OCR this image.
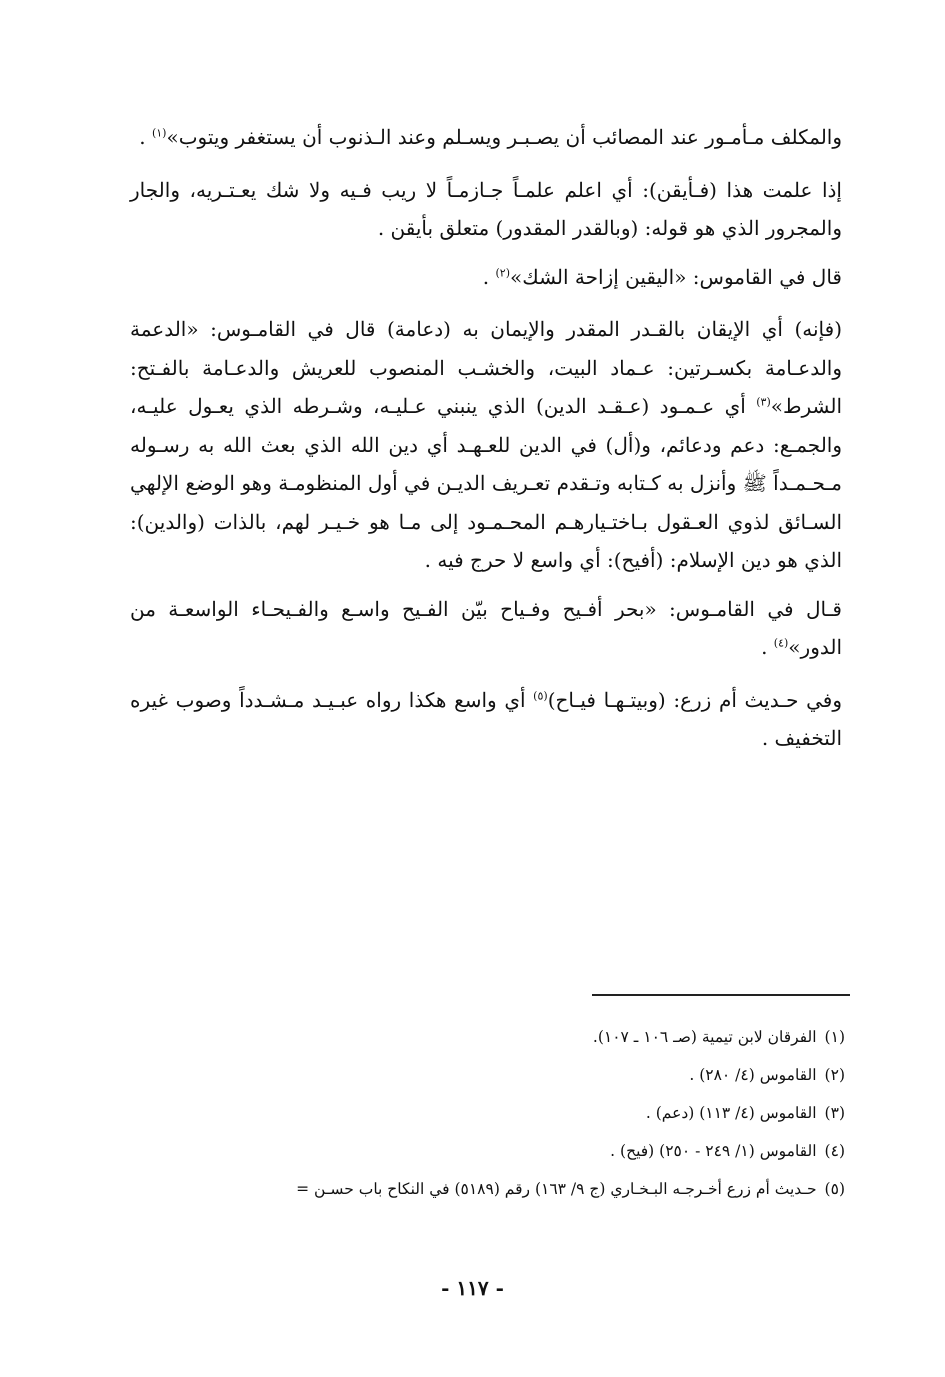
والمكلف مـأمـور عند المصائب أن يصـبـر ويسـلم وعند الـذنوب أن يستغفر ويتوب»$^{(١)}$ .

إذا علمت هذا (فـأيقن): أي اعلم علمـاً جـازمـاً لا ريب فـيه ولا شك يعـتـريه، والجار والمجرور الذي هو قوله: (وبالقدر المقدور) متعلق بأيقن .

قال في القاموس: «اليقين إزاحة الشك»$^{(٢)}$ .

(فإنه) أي الإيقان بالقـدر المقدر والإيمان به (دعامة) قال في القامـوس: «الدعمة والدعـامة بكسـرتين: عـماد البيت، والخشـب المنصوب للعريش والدعـامة بالفـتح: الشرط»$^{(٣)}$ أي عـمـود (عـقـد الدين) الذي ينبني عـليـه، وشـرطه الذي يعـول عليـه، والجمـع: دعم ودعائم، و(أل) في الدين للعـهـد أي دين الله الذي بعث الله به رسـوله مـحـمـداً ﷺ وأنزل به كـتابه وتـقدم تعـريف الديـن في أول المنظومـة وهو الوضع الإلهي السـائق لذوي العـقول بـاختـيارهـم المحـمـود إلى مـا هو خـيـر لهم، بالذات (والدين): الذي هو دين الإسلام: (أفيح): أي واسع لا حرج فيه .

قـال في القامـوس: «بحر أفـيح وفـياح بيّن الفـيح واسـع والفـيحـاء الواسعـة من الدور»$^{(٤)}$ .

وفي حـديث أم زرع: (وبيتـهـا فيـاح)$^{(٥)}$ أي واسع هكذا رواه عبـيـد مـشـدداً وصوب غيره التخفيف .

(١)الفرقان لابن تيمية (صـ ١٠٦ ـ ١٠٧).
(٢)القاموس (٤/ ٢٨٠) .
(٣)القاموس (٤/ ١١٣) (دعم) .
(٤)القاموس (١/ ٢٤٩ - ٢٥٠) (فيح) .
(٥)حـديث أم زرع أخـرجـه البـخـاري (ج ٩/ ١٦٣) رقم (٥١٨٩) في النكاح باب حسـن =
- ١١٧ -
